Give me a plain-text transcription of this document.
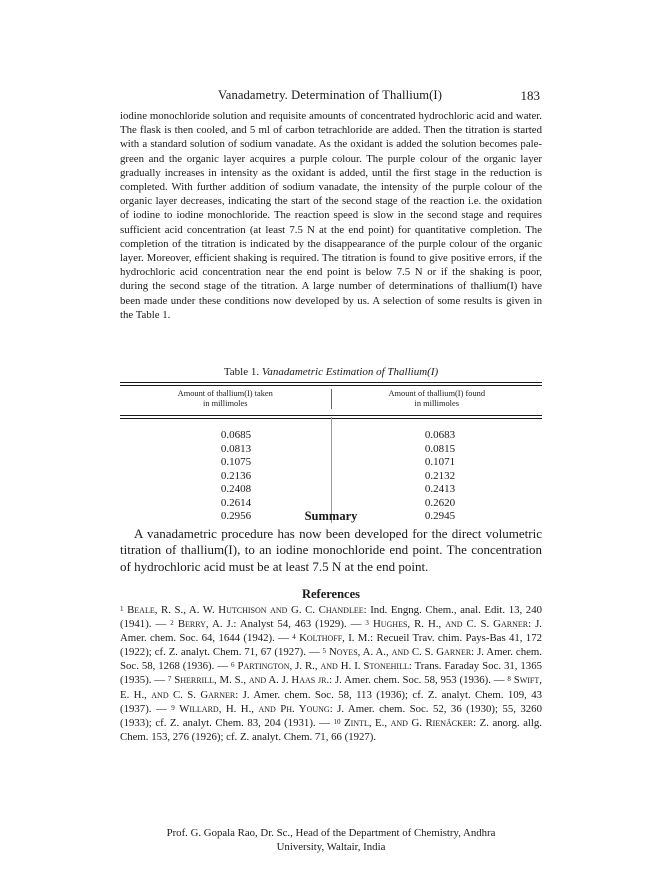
Vanadametry. Determination of Thallium(I)	183
iodine monochloride solution and requisite amounts of concentrated hydrochloric acid and water. The flask is then cooled, and 5 ml of carbon tetrachloride are added. Then the titration is started with a standard solution of sodium vanadate. As the oxidant is added the solution becomes pale-green and the organic layer acquires a purple colour. The purple colour of the organic layer gradually increases in intensity as the oxidant is added, until the first stage in the reduction is completed. With further addition of sodium vanadate, the intensity of the purple colour of the organic layer decreases, indicating the start of the second stage of the reaction i.e. the oxidation of iodine to iodine monochloride. The reaction speed is slow in the second stage and requires sufficient acid concentration (at least 7.5 N at the end point) for quantitative completion. The completion of the titration is indicated by the disappearance of the purple colour of the organic layer. Moreover, efficient shaking is required. The titration is found to give positive errors, if the hydrochloric acid concentration near the end point is below 7.5 N or if the shaking is poor, during the second stage of the titration. A large number of determinations of thallium(I) have been made under these conditions now developed by us. A selection of some results is given in the Table 1.
Table 1. Vanadametric Estimation of Thallium(I)
Amount of thallium(I) taken
in millimoles
Amount of thallium(I) found
in millimoles
0.0685	0.0683
0.0813	0.0815
0.1075	0.1071
0.2136	0.2132
0.2408	0.2413
0.2614	0.2620
0.2956	0.2945
Summary
A vanadametric procedure has now been developed for the direct volumetric titration of thallium(I), to an iodine monochloride end point. The concentration of hydrochloric acid must be at least 7.5 N at the end point.
References
$^1$ Beale, R. S., A. W. Hutchison and G. C. Chandlee: Ind. Engng. Chem., anal. Edit. 13, 240 (1941). — $^2$ Berry, A. J.: Analyst 54, 463 (1929). — $^3$ Hughes, R. H., and C. S. Garner: J. Amer. chem. Soc. 64, 1644 (1942). — $^4$ Kolthoff, I. M.: Recueil Trav. chim. Pays-Bas 41, 172 (1922); cf. Z. analyt. Chem. 71, 67 (1927). — $^5$ Noyes, A. A., and C. S. Garner: J. Amer. chem. Soc. 58, 1268 (1936). — $^6$ Partington, J. R., and H. I. Stonehill: Trans. Faraday Soc. 31, 1365 (1935). — $^7$ Sherrill, M. S., and A. J. Haas jr.: J. Amer. chem. Soc. 58, 953 (1936). — $^8$ Swift, E. H., and C. S. Garner: J. Amer. chem. Soc. 58, 113 (1936); cf. Z. analyt. Chem. 109, 43 (1937). — $^9$ Willard, H. H., and Ph. Young: J. Amer. chem. Soc. 52, 36 (1930); 55, 3260 (1933); cf. Z. analyt. Chem. 83, 204 (1931). — $^{10}$ Zintl, E., and G. Rienäcker: Z. anorg. allg. Chem. 153, 276 (1926); cf. Z. analyt. Chem. 71, 66 (1927).
Prof. G. Gopala Rao, Dr. Sc., Head of the Department of Chemistry, Andhra
University, Waltair, India
